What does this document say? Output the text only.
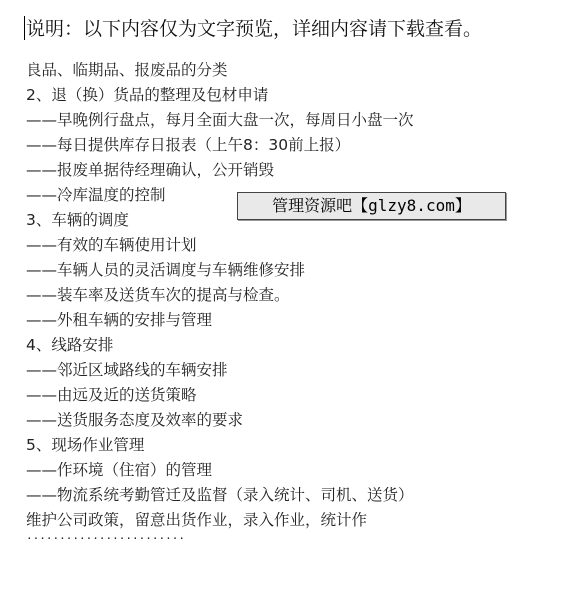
说明：以下内容仅为文字预览，详细内容请下载查看。
良品、临期品、报废品的分类
2、退（换）货品的整理及包材申请
——早晚例行盘点，每月全面大盘一次，每周日小盘一次
——每日提供库存日报表（上午8：30前上报）
——报废单据待经理确认，公开销毁
——冷库温度的控制
3、车辆的调度
——有效的车辆使用计划
——车辆人员的灵活调度与车辆维修安排
——装车率及送货车次的提高与检查。
——外租车辆的安排与管理
4、线路安排
——邻近区域路线的车辆安排
——由远及近的送货策略
——送货服务态度及效率的要求
5、现场作业管理
——作环境（住宿）的管理
——物流系统考勤管迁及监督（录入统计、司机、送货）
维护公司政策，留意出货作业，录入作业，统计作
························
管理资源吧【glzy8.com】
